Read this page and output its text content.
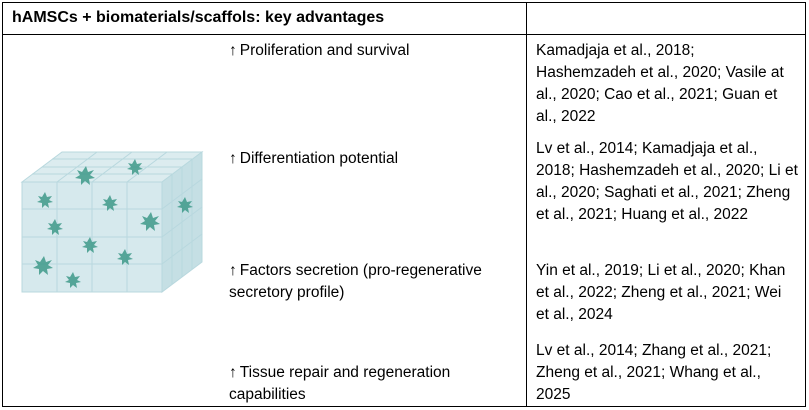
hAMSCs + biomaterials/scaffols: key advantages
↑ Proliferation and survival	Kamadjaja et al., 2018; Hashemzadeh et al., 2020; Vasile at al., 2020; Cao et al., 2021; Guan et al., 2022
↑ Differentiation potential
Lv et al., 2014; Kamadjaja et al., 2018; Hashemzadeh et al., 2020; Li et al., 2020; Saghati et al., 2021; Zheng et al., 2021; Huang et al., 2022
↑ Factors secretion (pro-regenerative secretory profile)
Yin et al., 2019; Li et al., 2020; Khan et al., 2022; Zheng et al., 2021; Wei et al., 2024
↑ Tissue repair and regeneration capabilities
Lv et al., 2014; Zhang et al., 2021; Zheng et al., 2021; Whang et al., 2025
